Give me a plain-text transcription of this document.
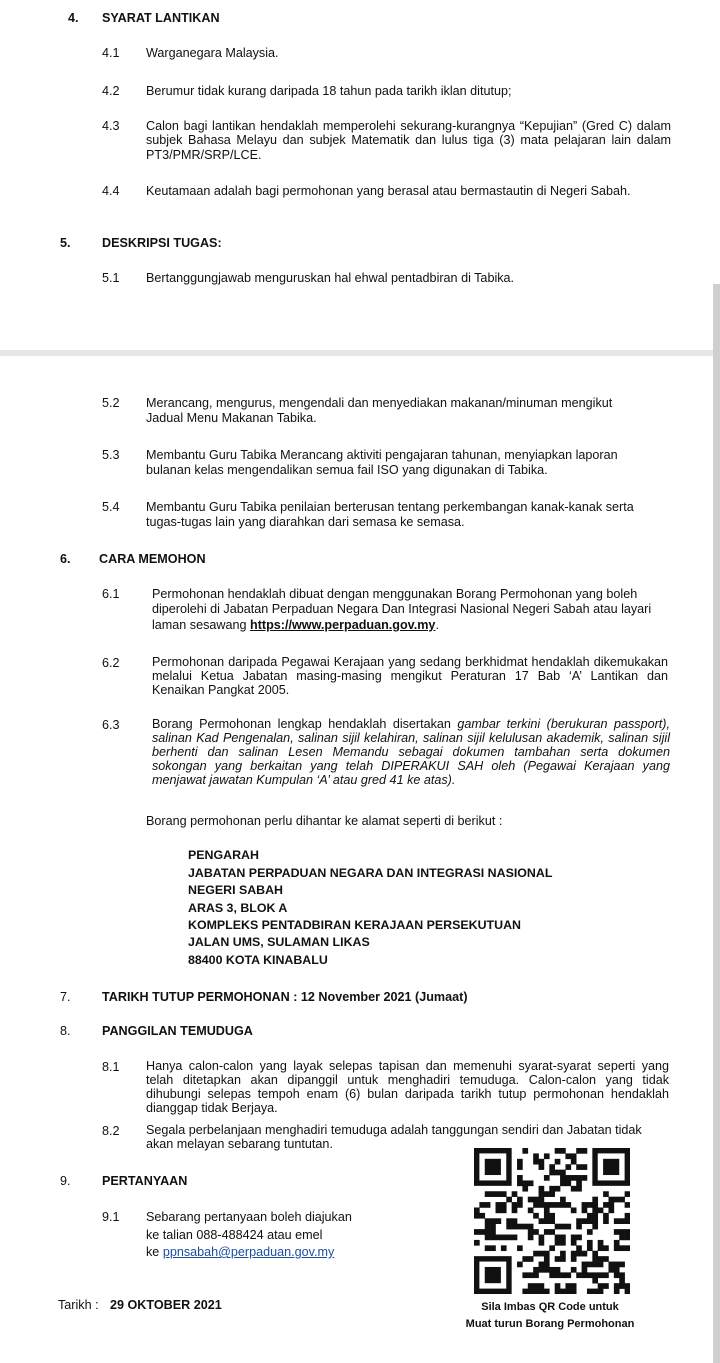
4. SYARAT LANTIKAN
4.1 Warganegara Malaysia.
4.2 Berumur tidak kurang daripada 18 tahun pada tarikh iklan ditutup;
4.3 Calon bagi lantikan hendaklah memperolehi sekurang-kurangnya “Kepujian” (Gred C) dalam subjek Bahasa Melayu dan subjek Matematik dan lulus tiga (3) mata pelajaran lain dalam PT3/PMR/SRP/LCE.
4.4 Keutamaan adalah bagi permohonan yang berasal atau bermastautin di Negeri Sabah.
5. DESKRIPSI TUGAS:
5.1 Bertanggungjawab menguruskan hal ehwal pentadbiran di Tabika.
5.2 Merancang, mengurus, mengendali dan menyediakan makanan/minuman mengikut Jadual Menu Makanan Tabika.
5.3 Membantu Guru Tabika Merancang aktiviti pengajaran tahunan, menyiapkan laporan bulanan kelas mengendalikan semua fail ISO yang digunakan di Tabika.
5.4 Membantu Guru Tabika penilaian berterusan tentang perkembangan kanak-kanak serta tugas-tugas lain yang diarahkan dari semasa ke semasa.
6. CARA MEMOHON
6.1	Permohonan hendaklah dibuat dengan menggunakan Borang Permohonan yang boleh diperolehi di Jabatan Perpaduan Negara Dan Integrasi Nasional Negeri Sabah atau layari laman sesawang https://www.perpaduan.gov.my.
6.2	Permohonan daripada Pegawai Kerajaan yang sedang berkhidmat hendaklah dikemukakan melalui Ketua Jabatan masing-masing mengikut Peraturan 17 Bab ‘A’ Lantikan dan Kenaikan Pangkat 2005.
6.3	Borang Permohonan lengkap hendaklah disertakan gambar terkini (berukuran passport), salinan Kad Pengenalan, salinan sijil kelahiran, salinan sijil kelulusan akademik, salinan sijil berhenti dan salinan Lesen Memandu sebagai dokumen tambahan serta dokumen sokongan yang berkaitan yang telah DIPERAKUI SAH oleh (Pegawai Kerajaan yang menjawat jawatan Kumpulan ‘A’ atau gred 41 ke atas).
Borang permohonan perlu dihantar ke alamat seperti di berikut :
PENGARAH
JABATAN PERPADUAN NEGARA DAN INTEGRASI NASIONAL
NEGERI SABAH
ARAS 3, BLOK A
KOMPLEKS PENTADBIRAN KERAJAAN PERSEKUTUAN
JALAN UMS, SULAMAN LIKAS
88400 KOTA KINABALU
7. TARIKH TUTUP PERMOHONAN : 12 November 2021 (Jumaat)
8. PANGGILAN TEMUDUGA
8.1 Hanya calon-calon yang layak selepas tapisan dan memenuhi syarat-syarat seperti yang telah ditetapkan akan dipanggil untuk menghadiri temuduga. Calon-calon yang tidak dihubungi selepas tempoh enam (6) bulan daripada tarikh tutup permohonan hendaklah dianggap tidak Berjaya.
8.2 Segala perbelanjaan menghadiri temuduga adalah tanggungan sendiri dan Jabatan tidak akan melayan sebarang tuntutan.
9. PERTANYAAN
9.1 Sebarang pertanyaan boleh diajukan
ke talian 088-488424 atau emel
ke ppnsabah@perpaduan.gov.my
Tarikh : 29 OKTOBER 2021	Sila Imbas QR Code untuk
Muat turun Borang Permohonan
